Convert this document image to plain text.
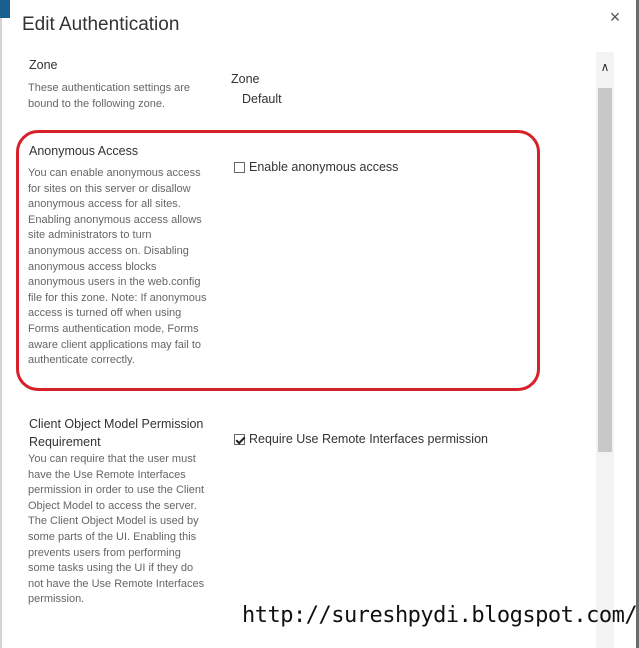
Edit Authentication	×
Zone
These authentication settings are bound to the following zone.
Zone
Default
Anonymous Access
You can enable anonymous access for sites on this server or disallow anonymous access for all sites. Enabling anonymous access allows site administrators to turn anonymous access on. Disabling anonymous access blocks anonymous users in the web.config file for this zone. Note: If anonymous access is turned off when using Forms authentication mode, Forms aware client applications may fail to authenticate correctly.
Enable anonymous access
Client Object Model Permission Requirement
You can require that the user must have the Use Remote Interfaces permission in order to use the Client Object Model to access the server. The Client Object Model is used by some parts of the UI. Enabling this prevents users from performing some tasks using the UI if they do not have the Use Remote Interfaces permission.
Require Use Remote Interfaces permission
∧
http://sureshpydi.blogspot.com/
